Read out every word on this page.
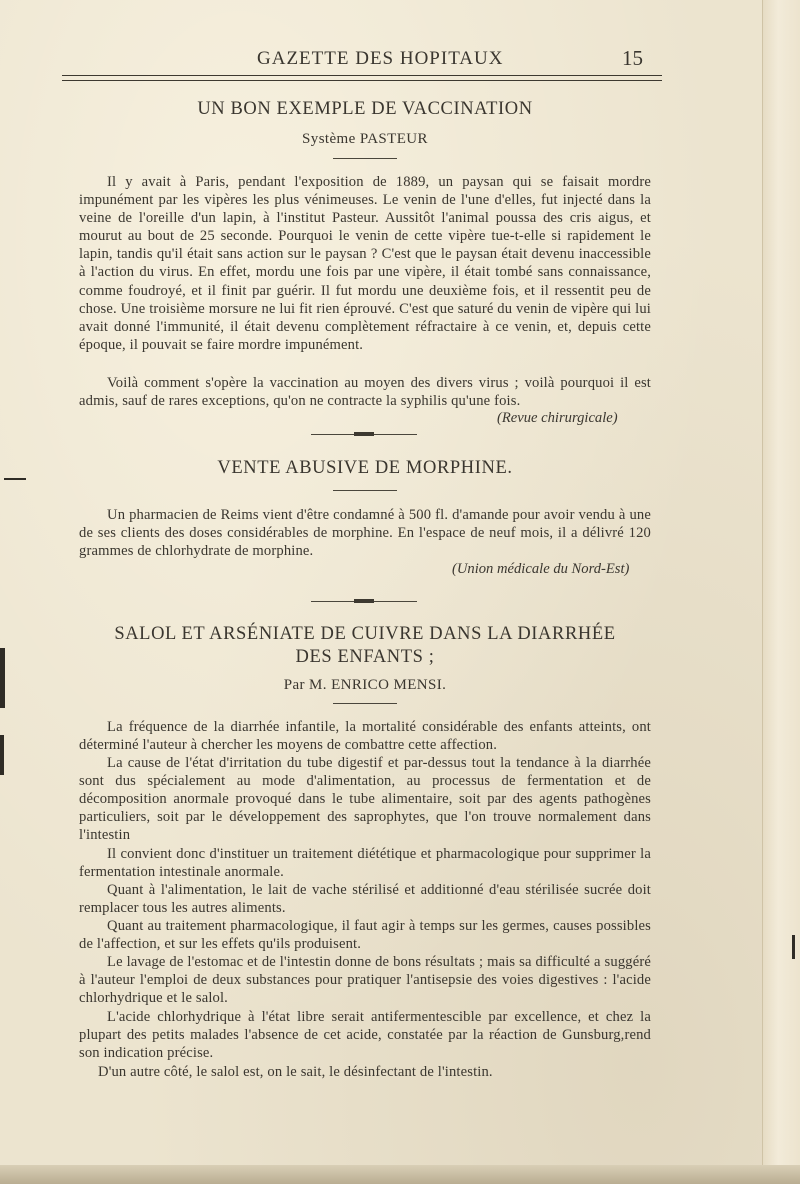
GAZETTE DES HOPITAUX	15
UN BON EXEMPLE DE VACCINATION
Système PASTEUR
Il y avait à Paris, pendant l'exposition de 1889, un paysan qui se faisait mordre impunément par les vipères les plus vénimeuses. Le venin de l'une d'elles, fut injecté dans la veine de l'oreille d'un lapin, à l'institut Pasteur. Aussitôt l'animal poussa des cris aigus, et mourut au bout de 25 seconde. Pourquoi le venin de cette vipère tue-t-elle si rapidement le lapin, tandis qu'il était sans action sur le paysan ? C'est que le paysan était devenu inaccessible à l'action du virus. En effet, mordu une fois par une vipère, il était tombé sans connaissance, comme foudroyé, et il finit par guérir. Il fut mordu une deuxième fois, et il ressentit peu de chose. Une troisième morsure ne lui fit rien éprouvé. C'est que saturé du venin de vipère qui lui avait donné l'immunité, il était devenu complètement réfractaire à ce venin, et, depuis cette époque, il pouvait se faire mordre impunément.
Voilà comment s'opère la vaccination au moyen des divers virus ; voilà pourquoi il est admis, sauf de rares exceptions, qu'on ne contracte la syphilis qu'une fois.
(Revue chirurgicale)
VENTE ABUSIVE DE MORPHINE.
Un pharmacien de Reims vient d'être condamné à 500 fl. d'amande pour avoir vendu à une de ses clients des doses considérables de morphine. En l'espace de neuf mois, il a délivré 120 grammes de chlorhydrate de morphine.
(Union médicale du Nord-Est)
SALOL ET ARSÉNIATE DE CUIVRE DANS LA DIARRHÉE
DES ENFANTS ;
Par M. ENRICO MENSI.
La fréquence de la diarrhée infantile, la mortalité considérable des enfants atteints, ont déterminé l'auteur à chercher les moyens de combattre cette affection.
La cause de l'état d'irritation du tube digestif et par-dessus tout la tendance à la diarrhée sont dus spécialement au mode d'alimentation, au processus de fermentation et de décomposition anormale provoqué dans le tube alimentaire, soit par des agents pathogènes particuliers, soit par le développement des saprophytes, que l'on trouve normalement dans l'intestin
Il convient donc d'instituer un traitement diététique et pharmacologique pour supprimer la fermentation intestinale anormale.
Quant à l'alimentation, le lait de vache stérilisé et additionné d'eau stérilisée sucrée doit remplacer tous les autres aliments.
Quant au traitement pharmacologique, il faut agir à temps sur les germes, causes possibles de l'affection, et sur les effets qu'ils produisent.
Le lavage de l'estomac et de l'intestin donne de bons résultats ; mais sa difficulté a suggéré à l'auteur l'emploi de deux substances pour pratiquer l'antisepsie des voies digestives : l'acide chlorhydrique et le salol.
L'acide chlorhydrique à l'état libre serait antifermentescible par excellence, et chez la plupart des petits malades l'absence de cet acide, constatée par la réaction de Gunsburg,rend son indication précise.
D'un autre côté, le salol est, on le sait, le désinfectant de l'intestin.
